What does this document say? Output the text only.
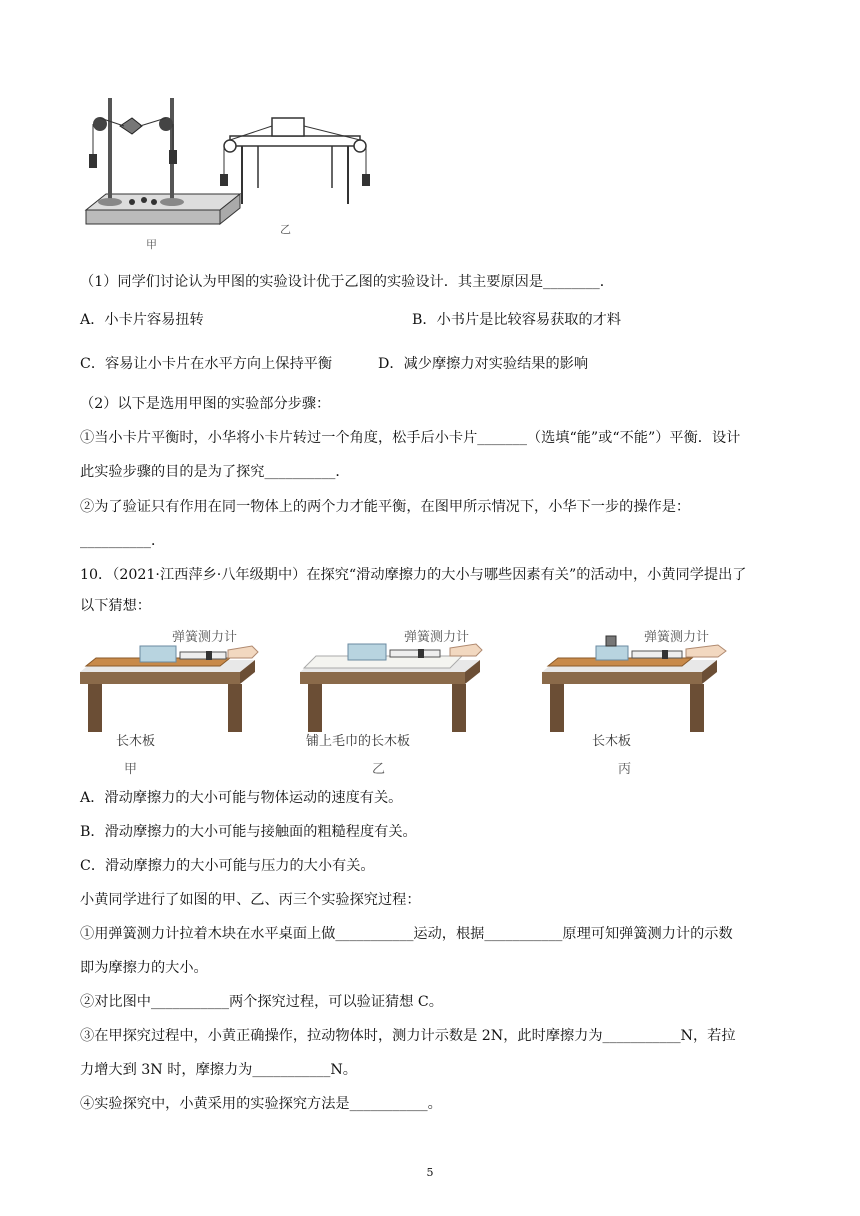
甲
乙
（1）同学们讨论认为甲图的实验设计优于乙图的实验设计．其主要原因是________．
A．小卡片容易扭转	B．小书片是比较容易获取的才料
C．容易让小卡片在水平方向上保持平衡	D．减少摩擦力对实验结果的影响
（2）以下是选用甲图的实验部分步骤：
①当小卡片平衡时，小华将小卡片转过一个角度，松手后小卡片_______（选填“能”或“不能”）平衡．设计
此实验步骤的目的是为了探究__________．
②为了验证只有作用在同一物体上的两个力才能平衡，在图甲所示情况下，小华下一步的操作是：
__________．
10．（2021·江西萍乡·八年级期中）在探究“滑动摩擦力的大小与哪些因素有关”的活动中，小黄同学提出了
以下猜想：
弹簧测力计
长木板
甲
弹簧测力计
铺上毛巾的长木板
乙
弹簧测力计
长木板
丙
A．滑动摩擦力的大小可能与物体运动的速度有关。
B．滑动摩擦力的大小可能与接触面的粗糙程度有关。
C．滑动摩擦力的大小可能与压力的大小有关。
小黄同学进行了如图的甲、乙、丙三个实验探究过程：
①用弹簧测力计拉着木块在水平桌面上做___________运动，根据___________原理可知弹簧测力计的示数
即为摩擦力的大小。
②对比图中___________两个探究过程，可以验证猜想 C。
③在甲探究过程中，小黄正确操作，拉动物体时，测力计示数是 2N，此时摩擦力为___________N，若拉
力增大到 3N 时，摩擦力为___________N。
④实验探究中，小黄采用的实验探究方法是___________。
5
